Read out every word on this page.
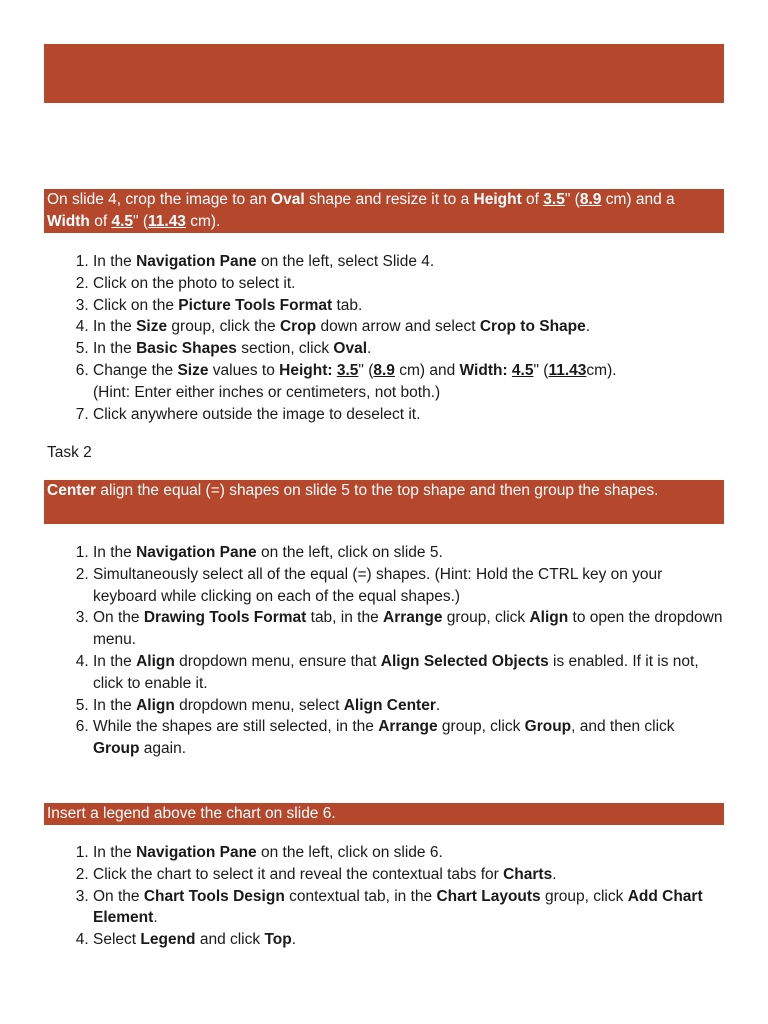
On slide 4, crop the image to an Oval shape and resize it to a Height of 3.5" (8.9 cm) and a Width of 4.5" (11.43 cm).
1. In the Navigation Pane on the left, select Slide 4.
2. Click on the photo to select it.
3. Click on the Picture Tools Format tab.
4. In the Size group, click the Crop down arrow and select Crop to Shape.
5. In the Basic Shapes section, click Oval.
6. Change the Size values to Height: 3.5" (8.9 cm) and Width: 4.5" (11.43cm).
(Hint: Enter either inches or centimeters, not both.)
7. Click anywhere outside the image to deselect it.
Task 2
Center align the equal (=) shapes on slide 5 to the top shape and then group the shapes.
1. In the Navigation Pane on the left, click on slide 5.
2. Simultaneously select all of the equal (=) shapes. (Hint: Hold the CTRL key on your keyboard while clicking on each of the equal shapes.)
3. On the Drawing Tools Format tab, in the Arrange group, click Align to open the dropdown menu.
4. In the Align dropdown menu, ensure that Align Selected Objects is enabled. If it is not, click to enable it.
5. In the Align dropdown menu, select Align Center.
6. While the shapes are still selected, in the Arrange group, click Group, and then click Group again.
Insert a legend above the chart on slide 6.
1. In the Navigation Pane on the left, click on slide 6.
2. Click the chart to select it and reveal the contextual tabs for Charts.
3. On the Chart Tools Design contextual tab, in the Chart Layouts group, click Add Chart Element.
4. Select Legend and click Top.
